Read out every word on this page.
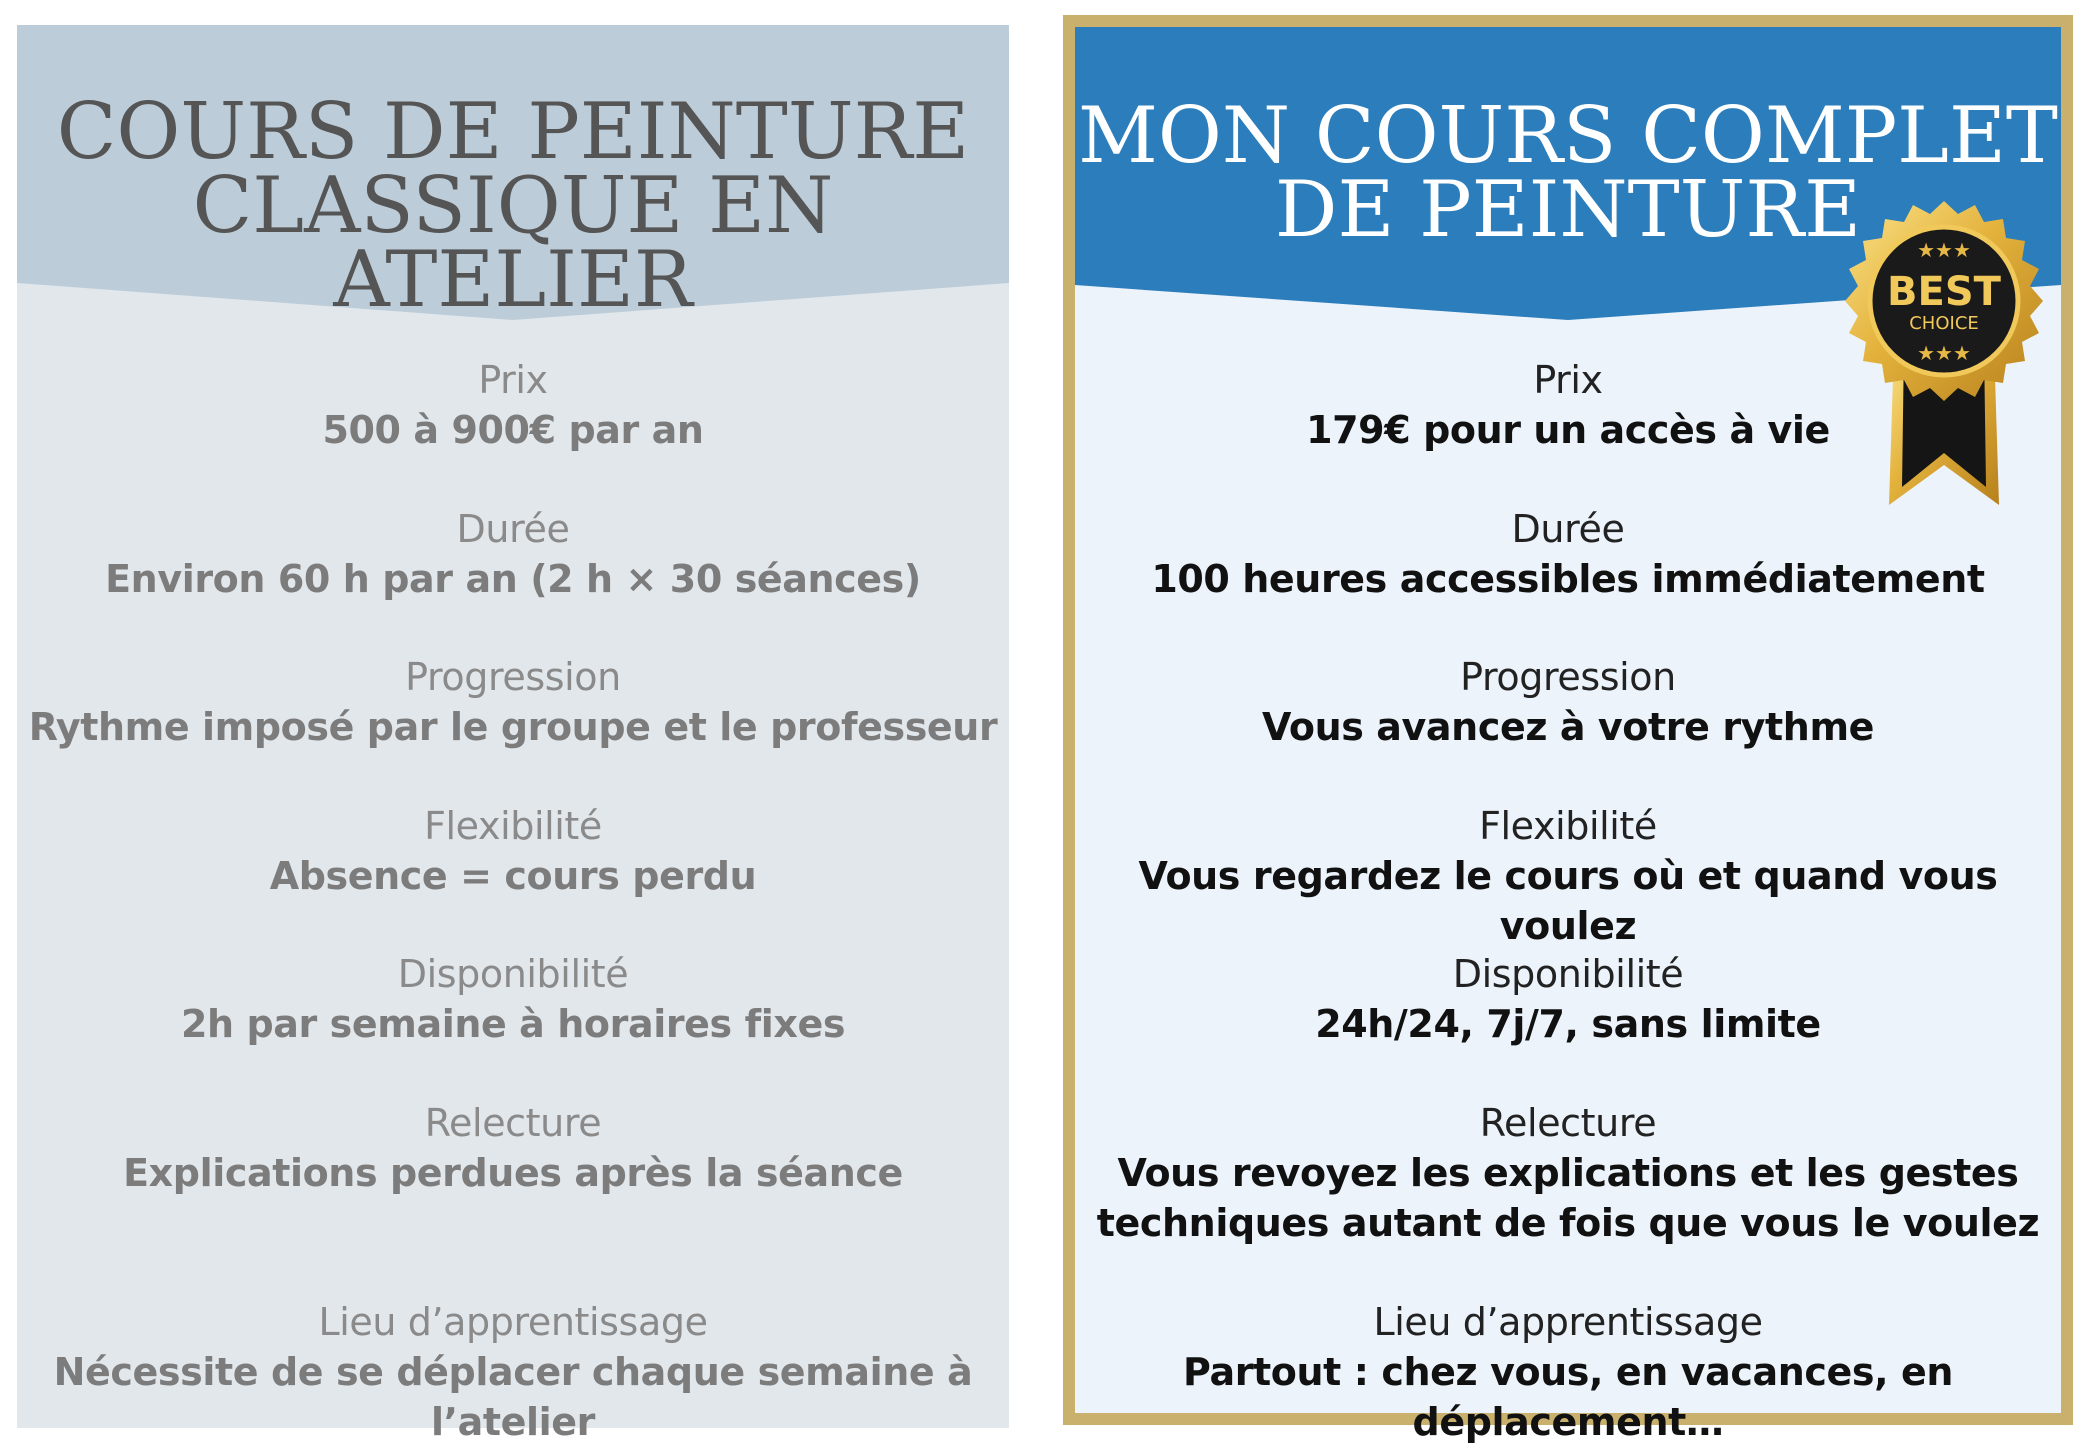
COURS DE PEINTURE
CLASSIQUE EN ATELIER
Prix
500 à 900€ par an
Durée
Environ 60 h par an (2 h × 30 séances)
Progression
Rythme imposé par le groupe et le professeur
Flexibilité
Absence = cours perdu
Disponibilité
2h par semaine à horaires fixes
Relecture
Explications perdues après la séance
Lieu d’apprentissage
Nécessite de se déplacer chaque semaine à l’atelier
MON COURS COMPLET
DE PEINTURE
Prix
179€ pour un accès à vie
Durée
100 heures accessibles immédiatement
Progression
Vous avancez à votre rythme
Flexibilité
Vous regardez le cours où et quand vous voulez
Disponibilité
24h/24, 7j/7, sans limite
Relecture
Vous revoyez les explications et les gestes
techniques autant de fois que vous le voulez
Lieu d’apprentissage
Partout : chez vous, en vacances, en déplacement…
★★★
BEST
CHOICE
★★★
